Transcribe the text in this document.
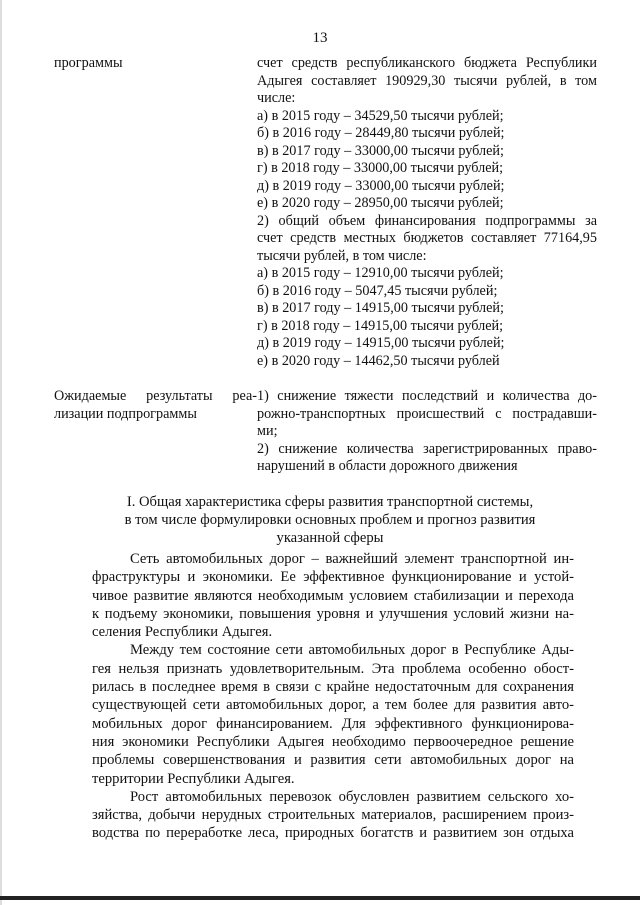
13
программы	счет средств республиканского бюджета Республики
Адыгея составляет 190929,30 тысячи рублей, в том
числе:
а) в 2015 году – 34529,50 тысячи рублей;
б) в 2016 году – 28449,80 тысячи рублей;
в) в 2017 году – 33000,00 тысячи рублей;
г) в 2018 году – 33000,00 тысячи рублей;
д) в 2019 году – 33000,00 тысячи рублей;
е) в 2020 году – 28950,00 тысячи рублей;
2) общий объем финансирования подпрограммы за
счет средств местных бюджетов составляет 77164,95
тысячи рублей, в том числе:
а) в 2015 году – 12910,00 тысячи рублей;
б) в 2016 году – 5047,45 тысячи рублей;
в) в 2017 году – 14915,00 тысячи рублей;
г) в 2018 году – 14915,00 тысячи рублей;
д) в 2019 году – 14915,00 тысячи рублей;
е) в 2020 году – 14462,50 тысячи рублей
Ожидаемые результаты реа-
лизации подпрограммы
1) снижение тяжести последствий и количества до-
рожно-транспортных происшествий с пострадавши-
ми;
2) снижение количества зарегистрированных право-
нарушений в области дорожного движения
I. Общая характеристика сферы развития транспортной системы,
в том числе формулировки основных проблем и прогноз развития
указанной сферы
Сеть автомобильных дорог – важнейший элемент транспортной ин-
фраструктуры и экономики. Ее эффективное функционирование и устой-
чивое развитие являются необходимым условием стабилизации и перехода
к подъему экономики, повышения уровня и улучшения условий жизни на-
селения Республики Адыгея.
Между тем состояние сети автомобильных дорог в Республике Ады-
гея нельзя признать удовлетворительным. Эта проблема особенно обост-
рилась в последнее время в связи с крайне недостаточным для сохранения
существующей сети автомобильных дорог, а тем более для развития авто-
мобильных дорог финансированием. Для эффективного функционирова-
ния экономики Республики Адыгея необходимо первоочередное решение
проблемы совершенствования и развития сети автомобильных дорог на
территории Республики Адыгея.
Рост автомобильных перевозок обусловлен развитием сельского хо-
зяйства, добычи нерудных строительных материалов, расширением произ-
водства по переработке леса, природных богатств и развитием зон отдыха
